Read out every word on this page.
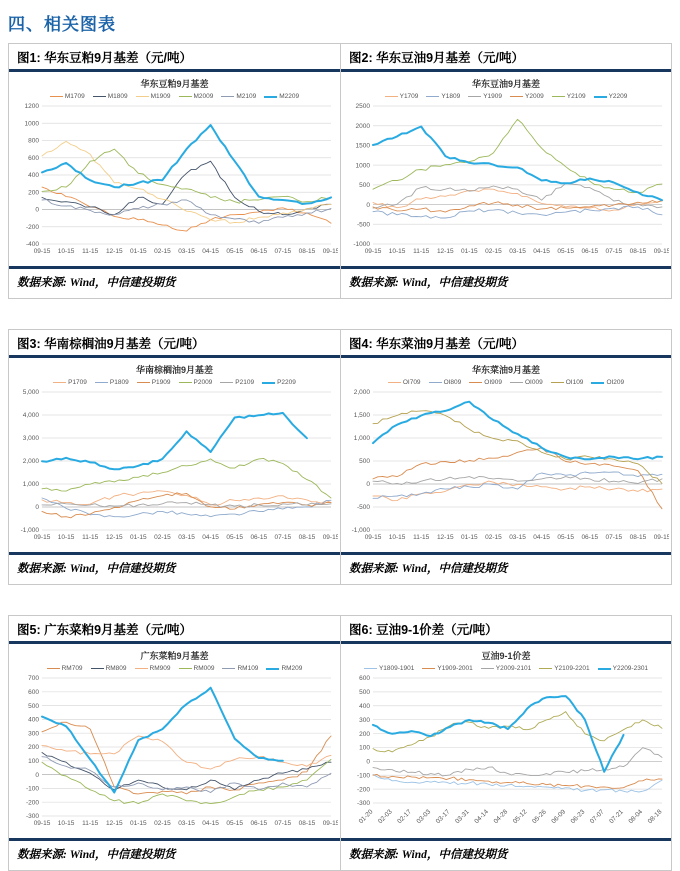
四、相关图表
图1: 华东豆粕9月基差（元/吨）
华东豆粕9月基差
M1709	M1809	M1909	M2009	M2109	M2209
1200
1000
800
600
400
200
0
-200
-400
09-15 10-15 11-15 12-15 01-15 02-15 03-15 04-15 05-15 06-15 07-15 08-15 09-15
数据来源: Wind，中信建投期货
图2: 华东豆油9月基差（元/吨）
华东豆油9月基差
Y1709	Y1809	Y1909	Y2009	Y2109	Y2209
2500
2000
1500
1000
500
0
-500
-1000
09-15 10-15 11-15 12-15 01-15 02-15 03-15 04-15 05-15 06-15 07-15 08-15 09-15
数据来源: Wind，中信建投期货
图3: 华南棕榈油9月基差（元/吨）
华南棕榈油9月基差
P1709	P1809	P1909	P2009	P2109	P2209
5,000
4,000
3,000
2,000
1,000
0
-1,000
09-15 10-15 11-15 12-15 01-15 02-15 03-15 04-15 05-15 06-15 07-15 08-15 09-15
数据来源: Wind，中信建投期货
图4: 华东菜油9月基差（元/吨）
华东菜油9月基差
OI709	OI809	OI909	OI009	OI109	OI209
2,000
1,500
1,000
500
0
-500
-1,000
09-15 10-15 11-15 12-15 01-15 02-15 03-15 04-15 05-15 06-15 07-15 08-15 09-15
数据来源: Wind，中信建投期货
图5: 广东菜粕9月基差（元/吨）
广东菜粕9月基差
RM709	RM809	RM909	RM009	RM109	RM209
700
600
500
400
300
200
100
0
-100
-200
-300
09-15 10-15 11-15 12-15 01-15 02-15 03-15 04-15 05-15 06-15 07-15 08-15 09-15
数据来源: Wind，中信建投期货
图6: 豆油9-1价差（元/吨）
豆油9-1价差
Y1809-1901	Y1909-2001	Y2009-2101	Y2109-2201	Y2209-2301
600
500
400
300
200
100
0
-100
-200
-300
01-20 02-03 02-17 03-03 03-17 03-31 04-14 04-28 05-12 05-26 06-09 06-23 07-07 07-21 08-04 08-18
数据来源: Wind，中信建投期货
